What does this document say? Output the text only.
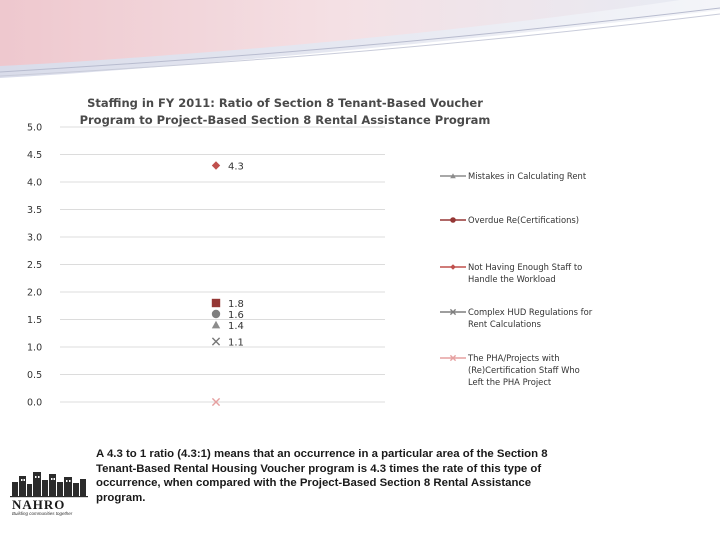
Staffing in FY 2011: Ratio of Section 8 Tenant-Based Voucher Program to Project-Based Section 8 Rental Assistance Program
0.0
0.5
1.0
1.5
2.0
2.5
3.0
3.5
4.0
4.5
5.0
4.3
1.8
1.6
1.4
1.1
Mistakes in Calculating Rent
Overdue Re(Certifications)
Not Having Enough Staff to
Handle the Workload
Complex HUD Regulations for
Rent Calculations
The PHA/Projects with
(Re)Certification Staff Who
Left the PHA Project
A 4.3 to 1 ratio (4.3:1) means that an occurrence in a particular area of the Section 8 Tenant-Based Rental Housing Voucher program is 4.3 times the rate of this type of occurrence, when compared with the Project-Based Section 8 Rental Assistance program.
NAHRO
Building communities together
